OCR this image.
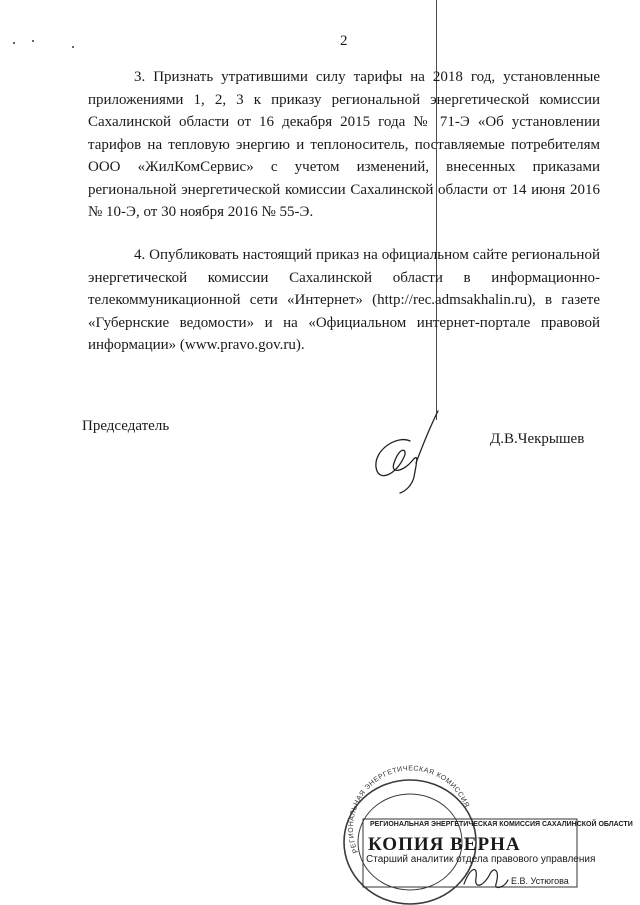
2

3. Признать утратившими силу тарифы на 2018 год, установленные приложениями 1, 2, 3 к приказу региональной энергетической комиссии Сахалинской области от 16 декабря 2015 года № 71-Э «Об установлении тарифов на тепловую энергию и теплоноситель, поставляемые потребителям ООО «ЖилКомСервис» с учетом изменений, внесенных приказами региональной энергетической комиссии Сахалинской области от 14 июня 2016 № 10-Э, от 30 ноября 2016 № 55-Э.

4. Опубликовать настоящий приказ на официальном сайте региональной энергетической комиссии Сахалинской области в информационно-телекоммуникационной сети «Интернет» (http://rec.admsakhalin.ru), в газете «Губернские ведомости» и на «Официальном интернет-портале правовой информации» (www.pravo.gov.ru).

Председатель
Д.В.Чекрышев
РЕГИОНАЛЬНАЯ ЭНЕРГЕТИЧЕСКАЯ КОМИССИЯ
РЕГИОНАЛЬНАЯ ЭНЕРГЕТИЧЕСКАЯ КОМИССИЯ САХАЛИНСКОЙ ОБЛАСТИ
КОПИЯ ВЕРНА
Старший аналитик отдела правового управления
Е.В. Устюгова
